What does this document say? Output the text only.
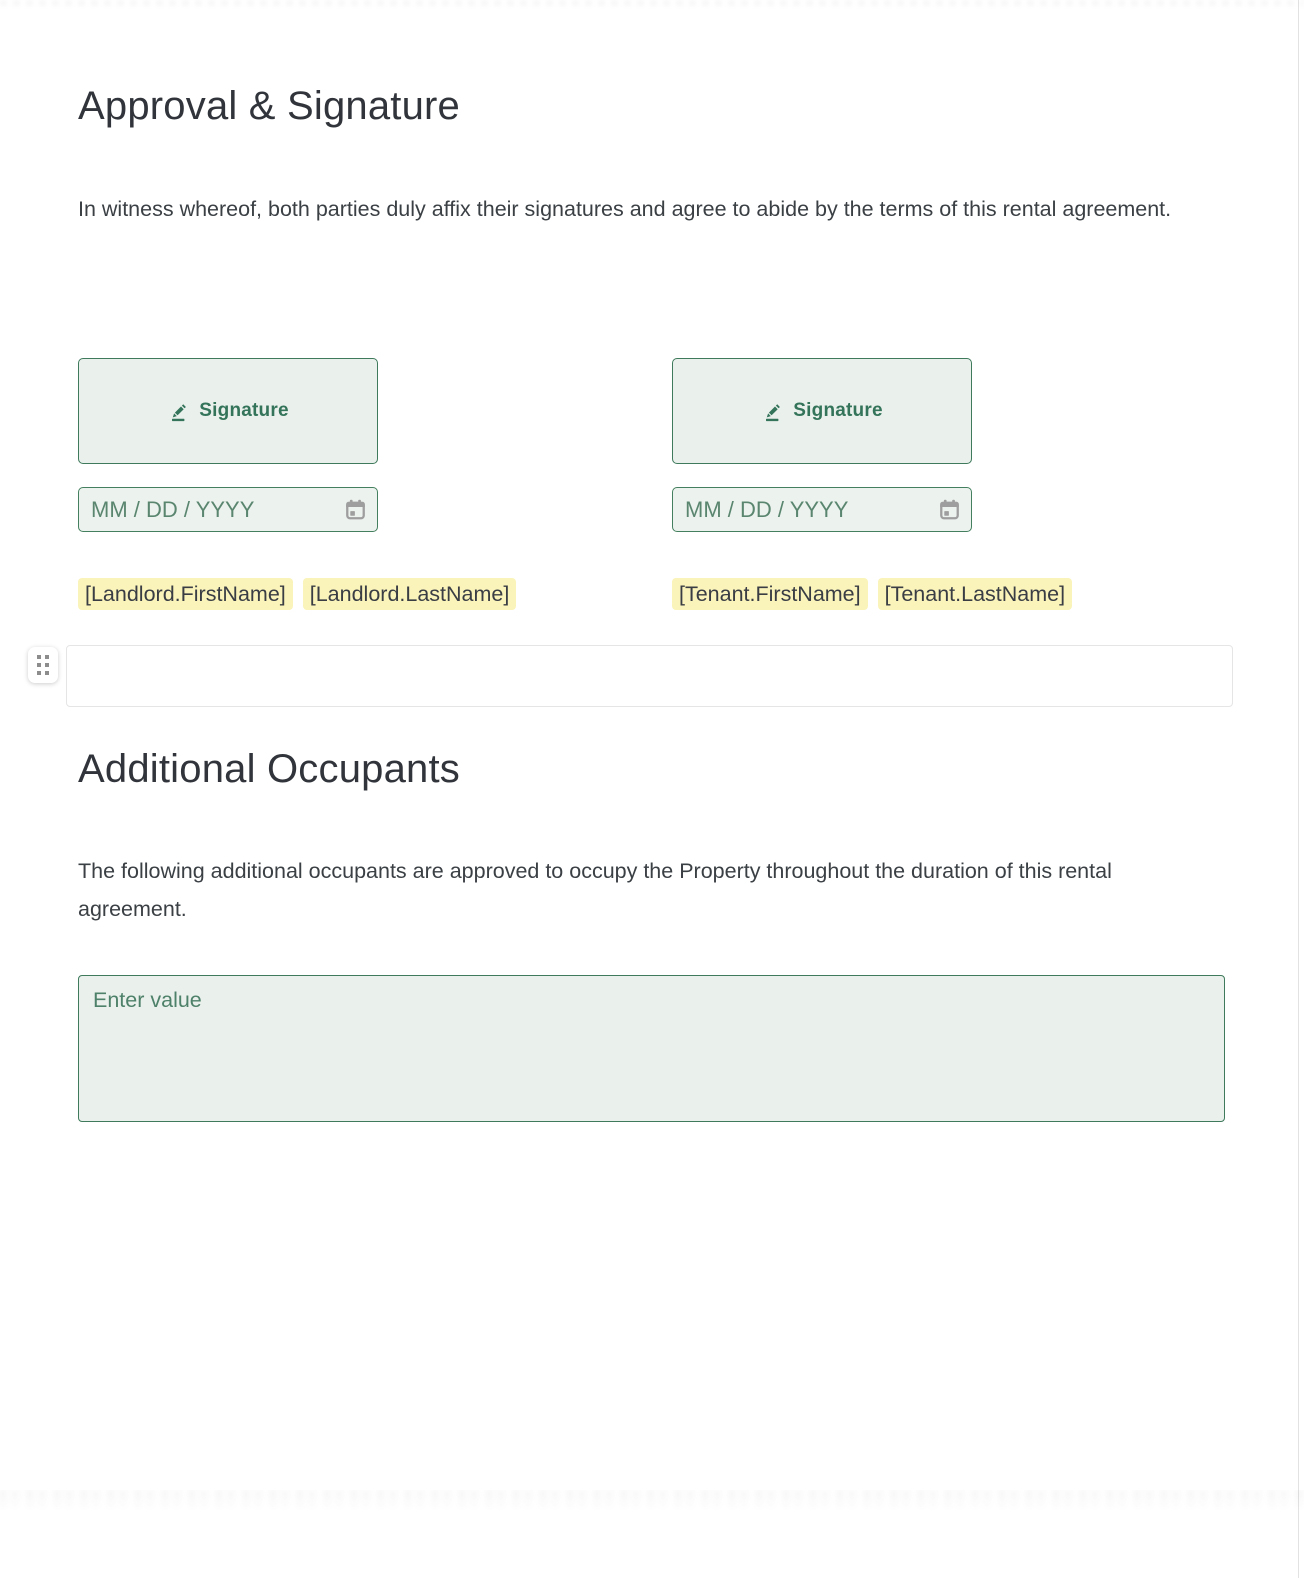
Approval & Signature
In witness whereof, both parties duly affix their signatures and agree to abide by the terms of this rental agreement.
Signature
MM / DD / YYYY
[Landlord.FirstName]	[Landlord.LastName]
Signature
MM / DD / YYYY
[Tenant.FirstName]	[Tenant.LastName]
Additional Occupants
The following additional occupants are approved to occupy the Property throughout the duration of this rental agreement.
Enter value
